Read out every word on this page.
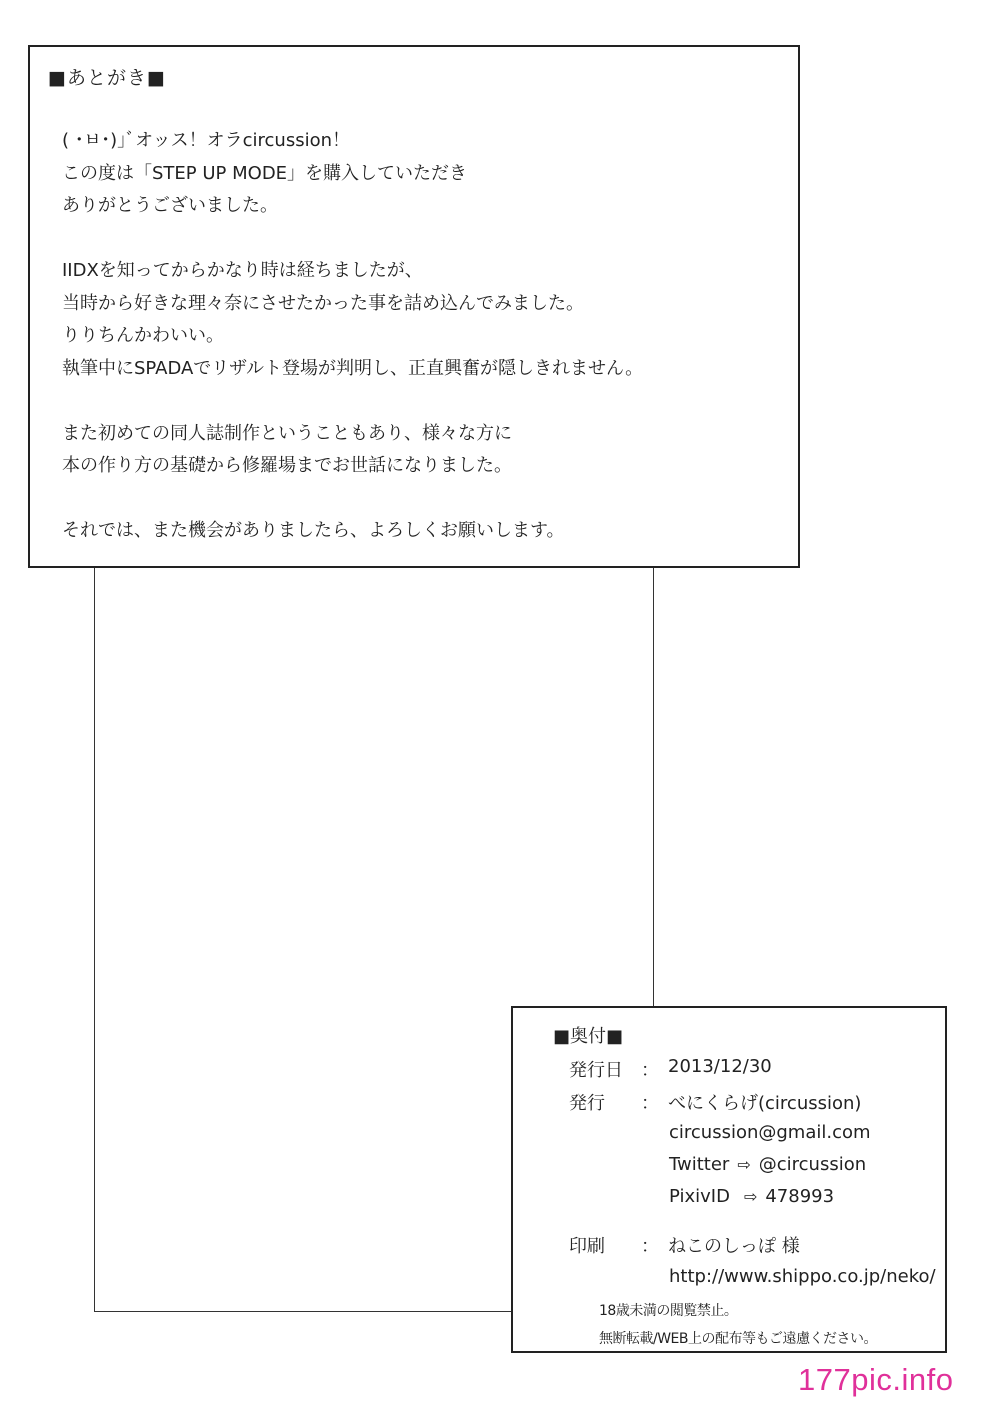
■あとがき■
( ･ㅂ･)｣ﾞオッス！オラcircussion！
この度は「STEP UP MODE」を購入していただき
ありがとうございました。
IIDXを知ってからかなり時は経ちましたが、
当時から好きな理々奈にさせたかった事を詰め込んでみました。
りりちんかわいい。
執筆中にSPADAでリザルト登場が判明し、正直興奮が隠しきれません。
また初めての同人誌制作ということもあり、様々な方に
本の作り方の基礎から修羅場までお世話になりました。
それでは、また機会がありましたら、よろしくお願いします。
■奥付■
発行日 ： 2013/12/30
発行 ： べにくらげ(circussion)
circussion@gmail.com
Twitter ⇨ @circussion
PixivID ⇨ 478993
印刷 ： ねこのしっぽ 様
http://www.shippo.co.jp/neko/
18歳未満の閲覧禁止。
無断転載/WEB上の配布等もご遠慮ください。
177pic.info
